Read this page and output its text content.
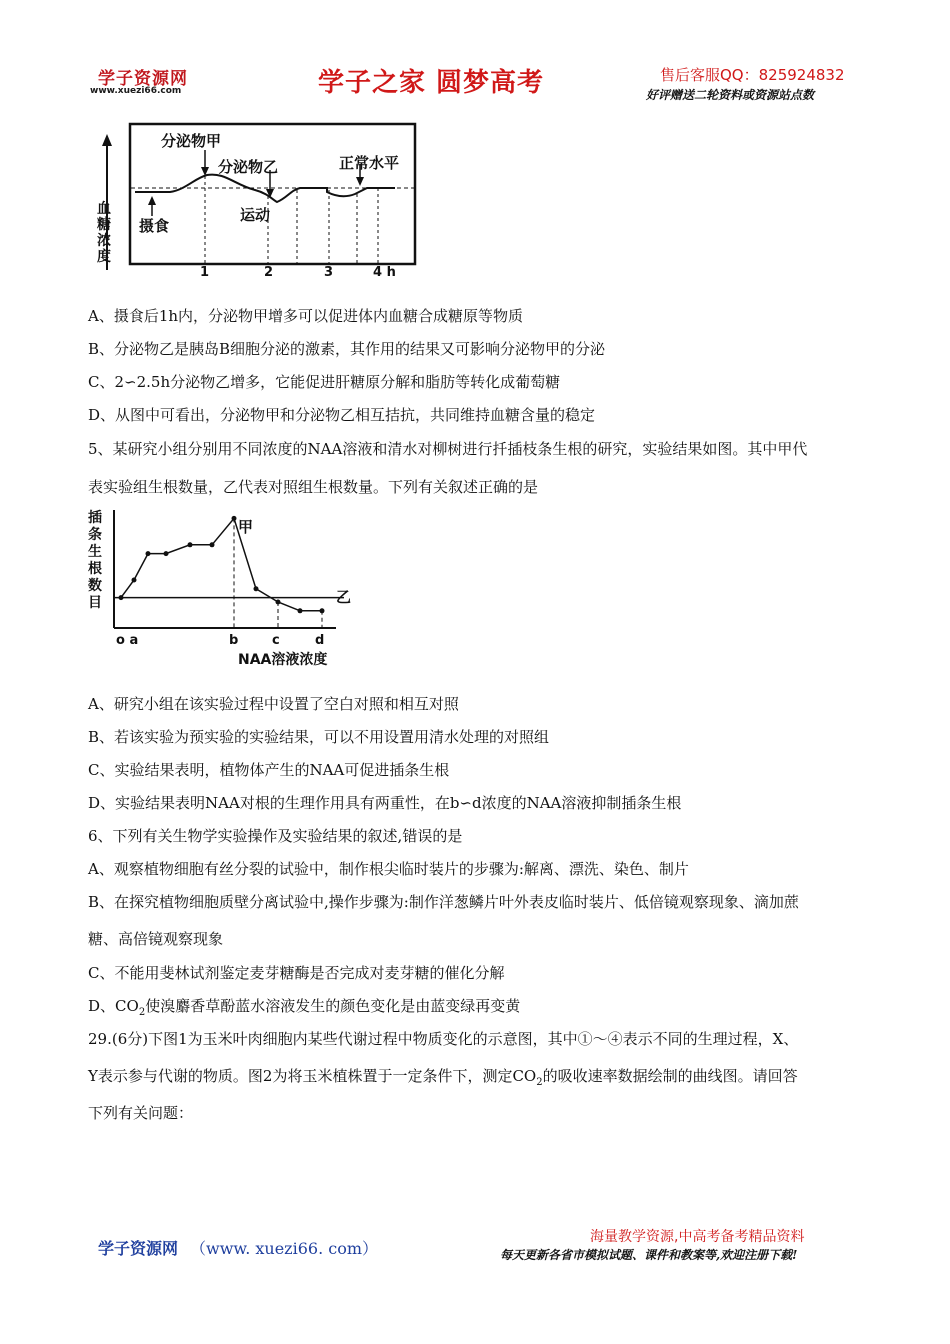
学子资源网
www.xuezi66.com	学子之家 圆梦高考	售后客服QQ：825924832
好评赠送二轮资料或资源站点数
血
糖
浓
度
分泌物甲
分泌物乙	正常水平
摄食
运动
1	2	3	4 h
A、摄食后1h内，分泌物甲增多可以促进体内血糖合成糖原等物质
B、分泌物乙是胰岛B细胞分泌的激素，其作用的结果又可影响分泌物甲的分泌
C、2∽2.5h分泌物乙增多，它能促进肝糖原分解和脂肪等转化成葡萄糖
D、从图中可看出，分泌物甲和分泌物乙相互拮抗，共同维持血糖含量的稳定
5、某研究小组分别用不同浓度的NAA溶液和清水对柳树进行扦插枝条生根的研究，实验结果如图。其中甲代
表实验组生根数量，乙代表对照组生根数量。下列有关叙述正确的是
插
条
生
根
数
目	乙
甲
o a	b	c	d
NAA溶液浓度
A、研究小组在该实验过程中设置了空白对照和相互对照
B、若该实验为预实验的实验结果，可以不用设置用清水处理的对照组
C、实验结果表明，植物体产生的NAA可促进插条生根
D、实验结果表明NAA对根的生理作用具有两重性，在b∽d浓度的NAA溶液抑制插条生根
6、下列有关生物学实验操作及实验结果的叙述,错误的是
A、观察植物细胞有丝分裂的试验中，制作根尖临时装片的步骤为:解离、漂洗、染色、制片
B、在探究植物细胞质壁分离试验中,操作步骤为:制作洋葱鳞片叶外表皮临时装片、低倍镜观察现象、滴加蔗
糖、高倍镜观察现象
C、不能用斐林试剂鉴定麦芽糖酶是否完成对麦芽糖的催化分解
D、$CO_2$使溴麝香草酚蓝水溶液发生的颜色变化是由蓝变绿再变黄
29.(6分)下图1为玉米叶肉细胞内某些代谢过程中物质变化的示意图，其中①～④表示不同的生理过程，X、
Y表示参与代谢的物质。图2为将玉米植株置于一定条件下，测定$CO_2$的吸收速率数据绘制的曲线图。请回答
下列有关问题：
学子资源网 （www. xuezi66. com）
海量教学资源,中高考备考精品资料
每天更新各省市模拟试题、课件和教案等,欢迎注册下载!
